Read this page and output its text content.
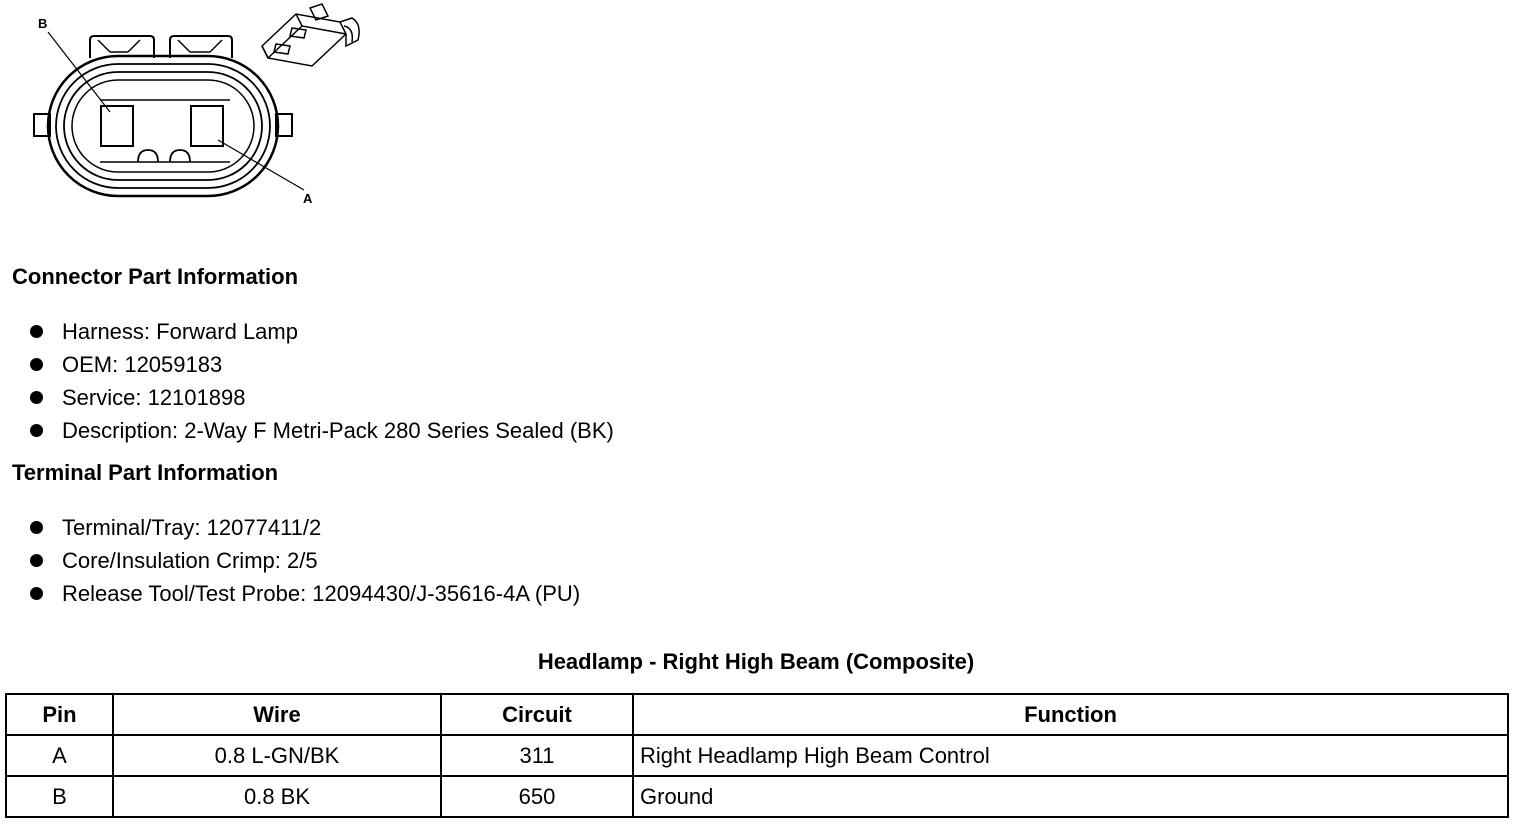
B
A
Connector Part Information
Harness: Forward Lamp
OEM: 12059183
Service: 12101898
Description: 2-Way F Metri-Pack 280 Series Sealed (BK)
Terminal Part Information
Terminal/Tray: 12077411/2
Core/Insulation Crimp: 2/5
Release Tool/Test Probe: 12094430/J-35616-4A (PU)
Headlamp - Right High Beam (Composite)
Pin	Wire	Circuit	Function
A	0.8 L-GN/BK	311	Right Headlamp High Beam Control
B	0.8 BK	650	Ground
